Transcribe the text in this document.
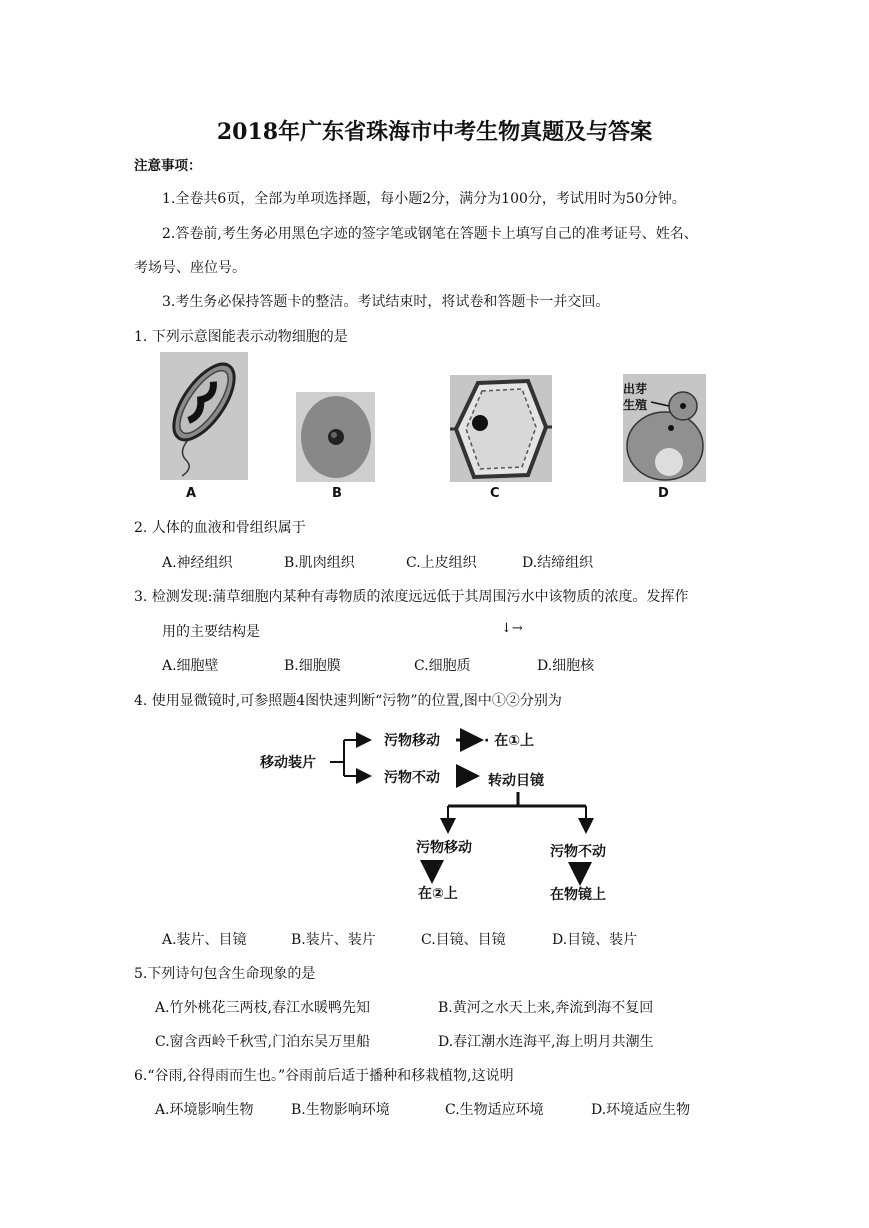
2018年广东省珠海市中考生物真题及与答案
注意事项：
1.全卷共6页，全部为单项选择题，每小题2分，满分为100分，考试用时为50分钟。
2.答卷前,考生务必用黑色字迹的签字笔或钢笔在答题卡上填写自己的准考证号、姓名、
考场号、座位号。
3.考生务必保持答题卡的整洁。考试结束时，将试卷和答题卡一并交回。
1. 下列示意图能表示动物细胞的是
A	B	C
出芽
生殖
D
2. 人体的血液和骨组织属于
A.神经组织	B.肌肉组织	C.上皮组织	D.结缔组织
3. 检测发现:蒲草细胞内某种有毒物质的浓度远远低于其周围污水中该物质的浓度。发挥作
用的主要结构是	↓→
A.细胞壁	B.细胞膜	C.细胞质	D.细胞核
4. 使用显微镜时,可参照题4图快速判断“污物”的位置,图中①②分别为
移动装片
污物移动	· 在①上
污物不动	转动目镜
污物移动
在②上
污物不动
在物镜上
A.装片、目镜	B.装片、装片	C.目镜、目镜	D.目镜、装片
5.下列诗句包含生命现象的是
A.竹外桃花三两枝,春江水暖鸭先知	B.黄河之水天上来,奔流到海不复回
C.窗含西岭千秋雪,门泊东吴万里船	D.春江潮水连海平,海上明月共潮生
6.“谷雨,谷得雨而生也。”谷雨前后适于播种和移栽植物,这说明
A.环境影响生物	B.生物影响环境	C.生物适应环境	D.环境适应生物
